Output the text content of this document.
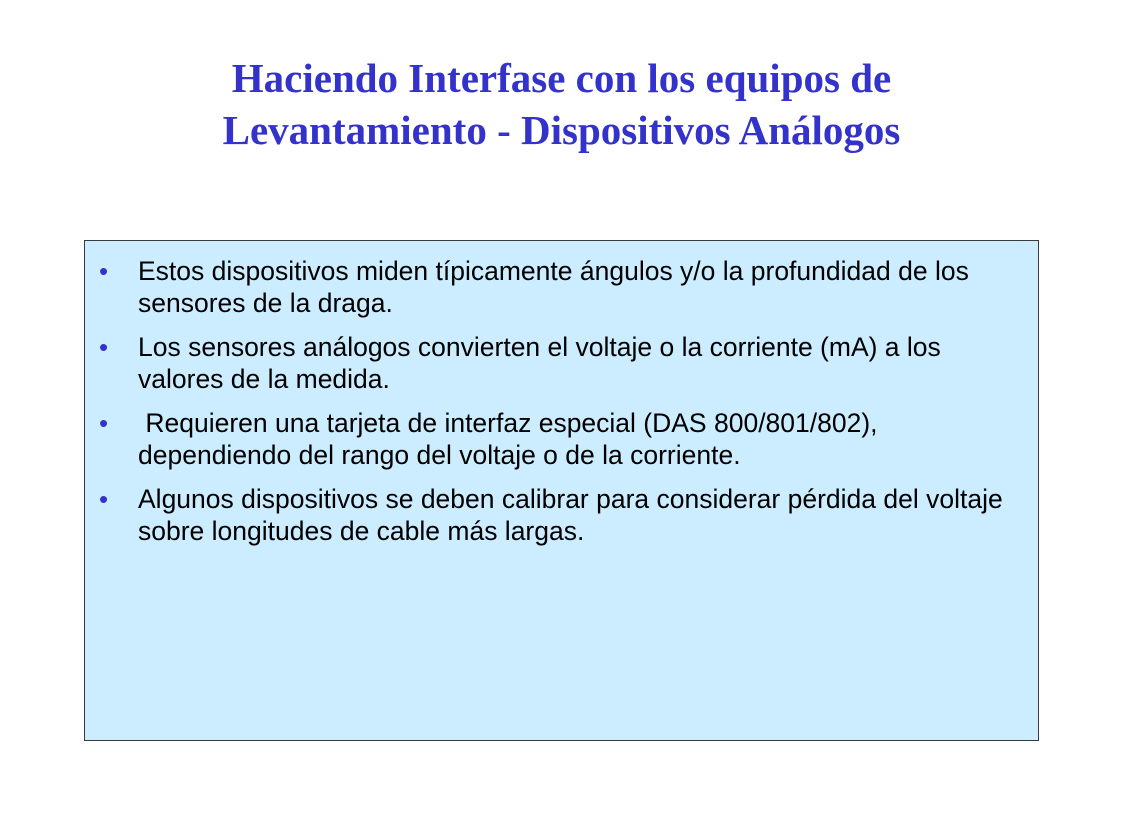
Haciendo Interfase con los equipos de
Levantamiento - Dispositivos Análogos
• Estos dispositivos miden típicamente ángulos y/o la profundidad de los sensores de la draga.
• Los sensores análogos convierten el voltaje o la corriente (mA) a los valores de la medida.
• Requieren una tarjeta de interfaz especial (DAS 800/801/802), dependiendo del rango del voltaje o de la corriente.
• Algunos dispositivos se deben calibrar para considerar pérdida del voltaje sobre longitudes de cable más largas.
